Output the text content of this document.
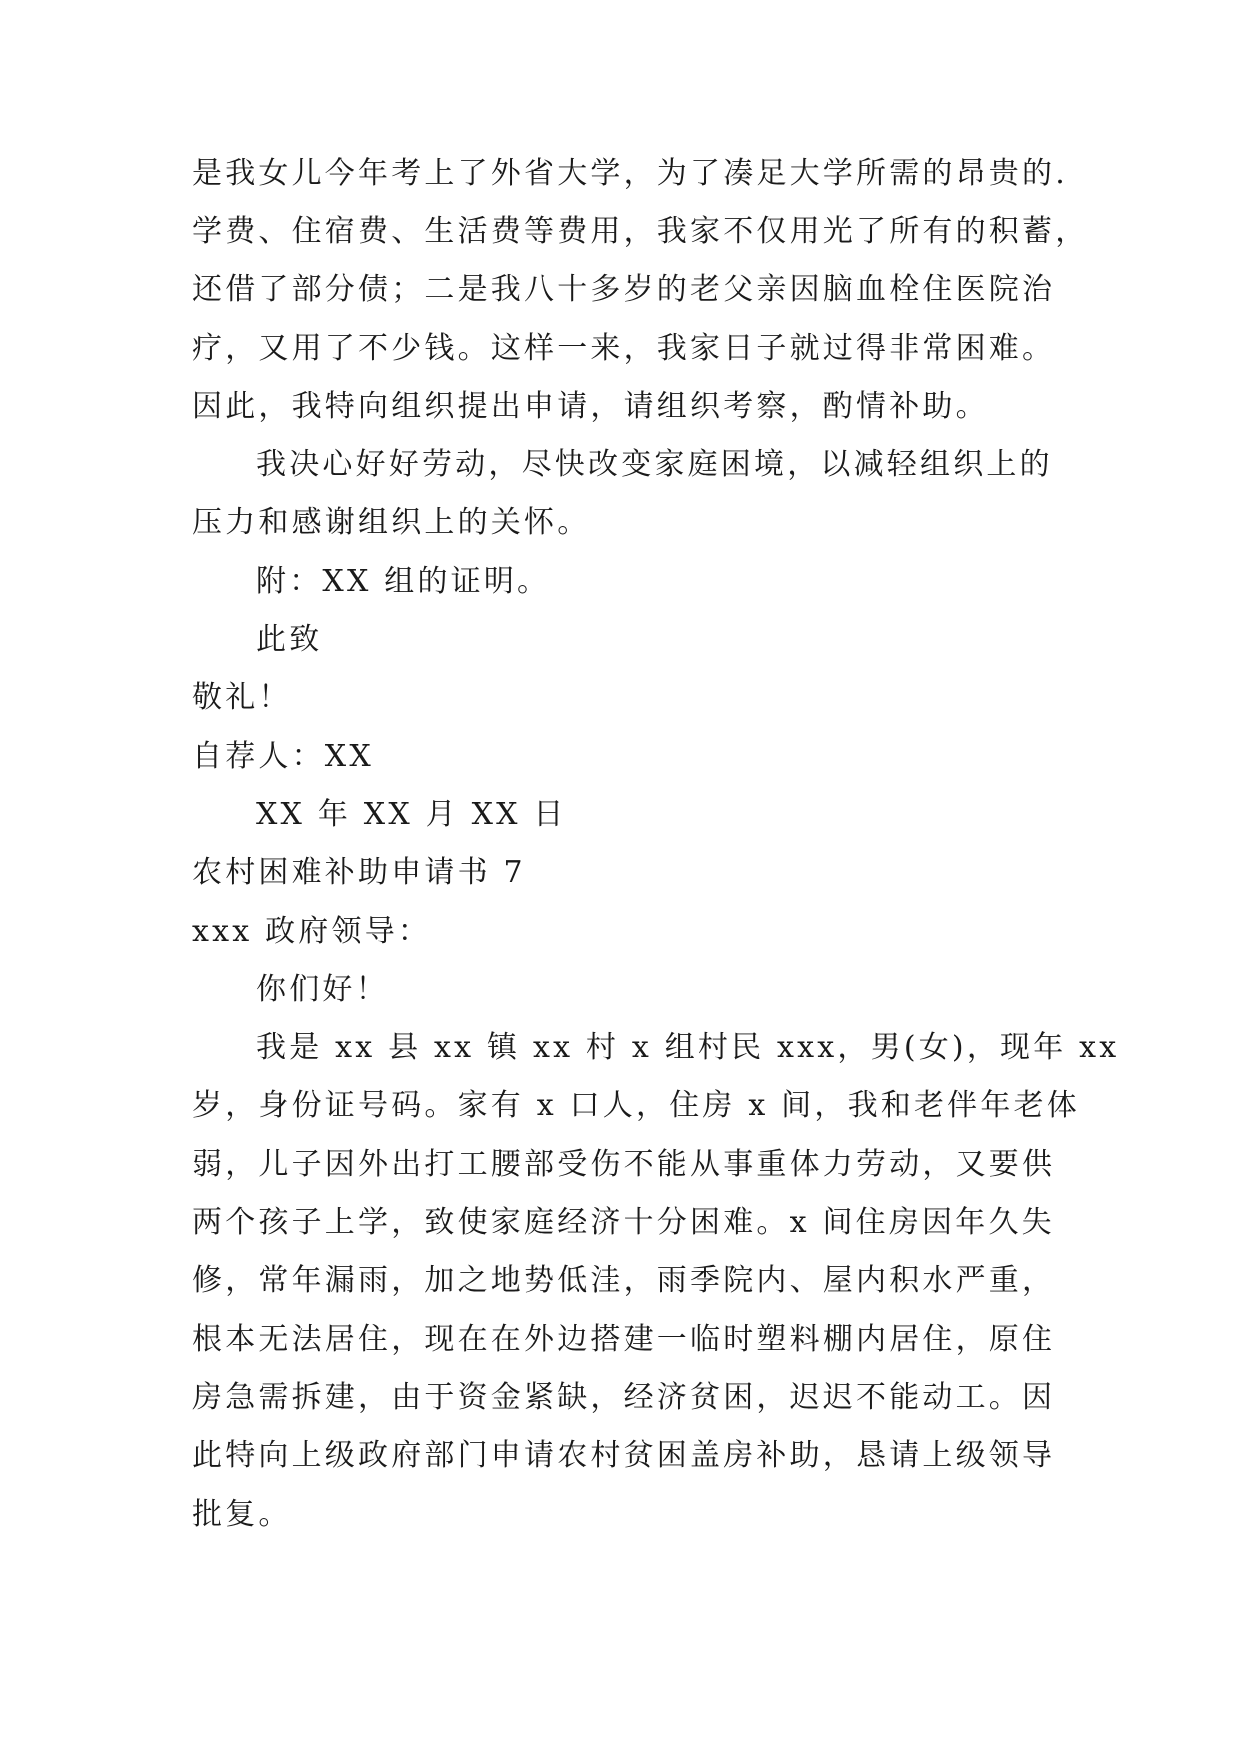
是我女儿今年考上了外省大学，为了凑足大学所需的昂贵的.
学费、住宿费、生活费等费用，我家不仅用光了所有的积蓄，
还借了部分债；二是我八十多岁的老父亲因脑血栓住医院治
疗，又用了不少钱。这样一来，我家日子就过得非常困难。
因此，我特向组织提出申请，请组织考察，酌情补助。
我决心好好劳动，尽快改变家庭困境，以减轻组织上的
压力和感谢组织上的关怀。
附：XX 组的证明。
此致
敬礼！
自荐人：XX
XX 年 XX 月 XX 日
农村困难补助申请书 7
xxx 政府领导：
你们好！
我是 xx 县 xx 镇 xx 村 x 组村民 xxx，男(女)，现年 xx
岁，身份证号码。家有 x 口人，住房 x 间，我和老伴年老体
弱，儿子因外出打工腰部受伤不能从事重体力劳动，又要供
两个孩子上学，致使家庭经济十分困难。x 间住房因年久失
修，常年漏雨，加之地势低洼，雨季院内、屋内积水严重，
根本无法居住，现在在外边搭建一临时塑料棚内居住，原住
房急需拆建，由于资金紧缺，经济贫困，迟迟不能动工。因
此特向上级政府部门申请农村贫困盖房补助，恳请上级领导
批复。
